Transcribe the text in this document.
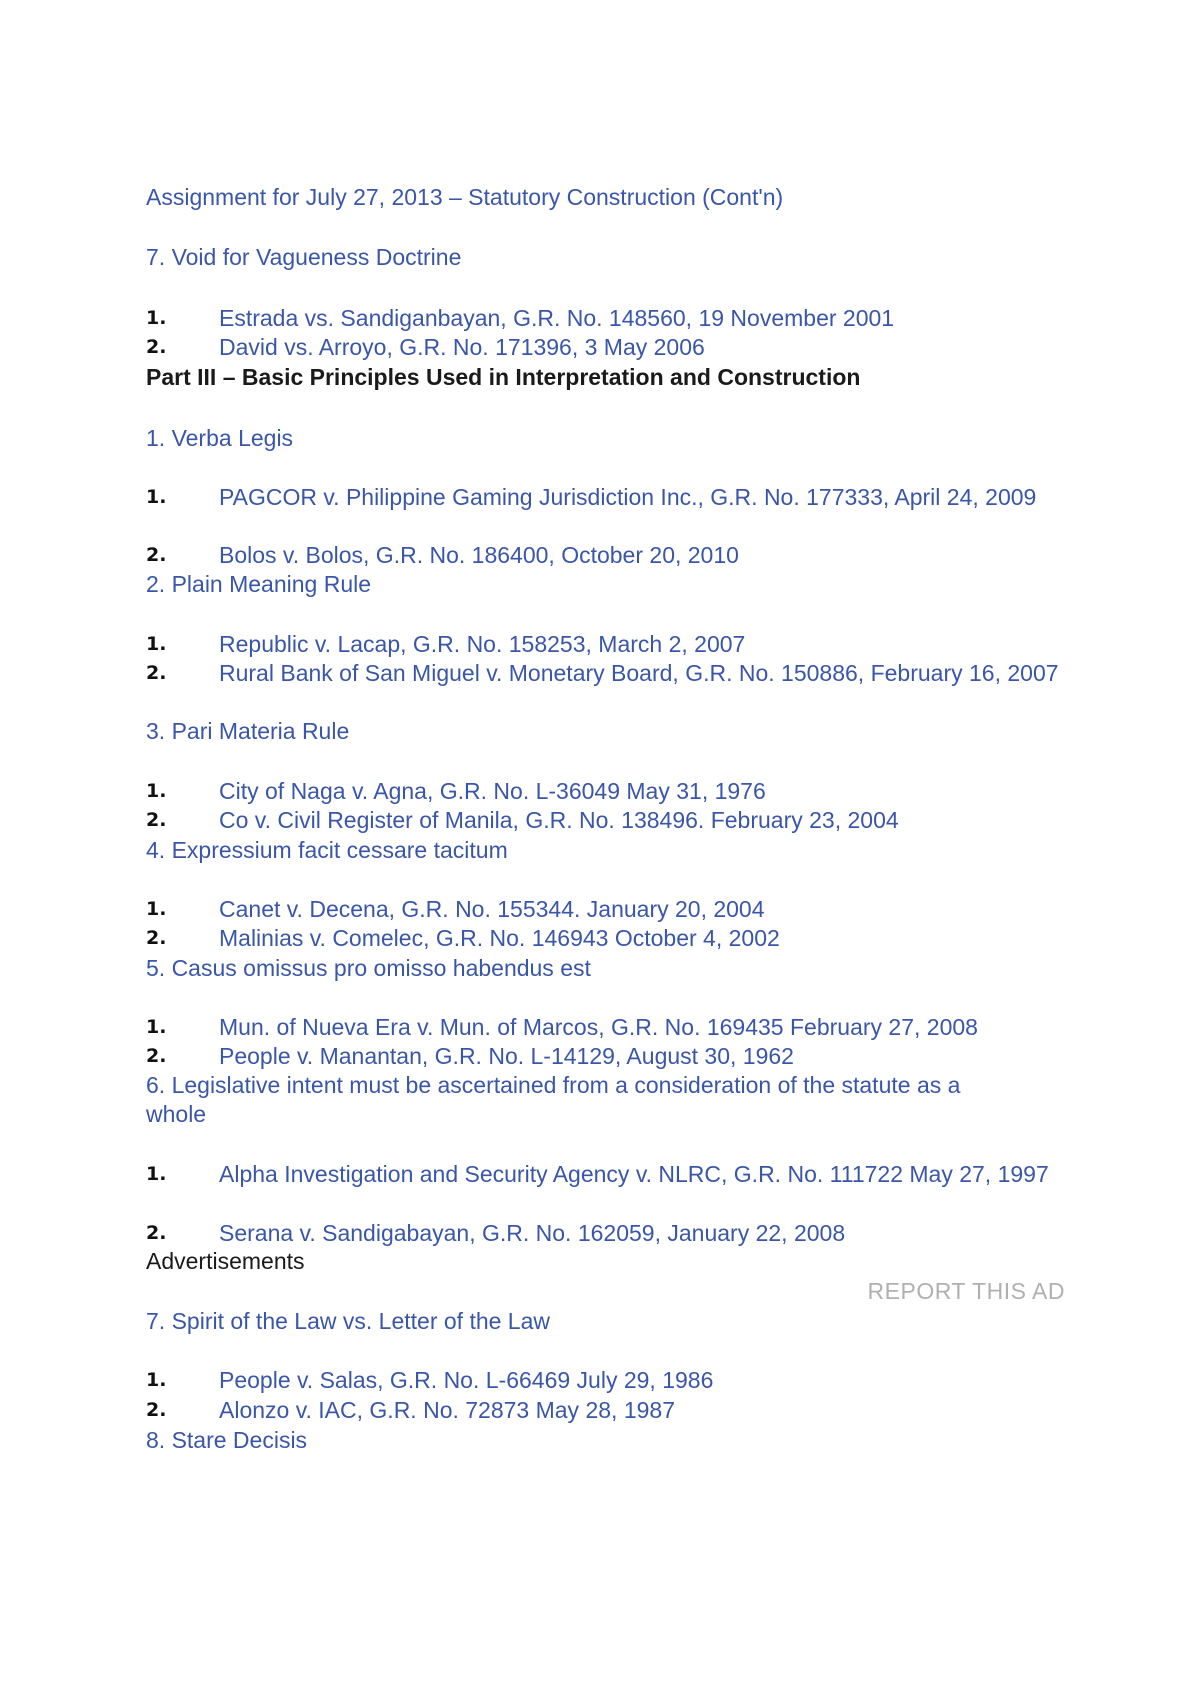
Assignment for July 27, 2013 – Statutory Construction (Cont'n)
7. Void for Vagueness Doctrine
1.	Estrada vs. Sandiganbayan, G.R. No. 148560, 19 November 2001
2.	David vs. Arroyo, G.R. No. 171396, 3 May 2006
Part III – Basic Principles Used in Interpretation and Construction
1. Verba Legis
1.	PAGCOR v. Philippine Gaming Jurisdiction Inc., G.R. No. 177333, April 24, 2009
2.	Bolos v. Bolos, G.R. No. 186400, October 20, 2010
2. Plain Meaning Rule
1.	Republic v. Lacap, G.R. No. 158253, March 2, 2007
2.	Rural Bank of San Miguel v. Monetary Board, G.R. No. 150886, February 16, 2007
3. Pari Materia Rule
1.	City of Naga v. Agna, G.R. No. L-36049 May 31, 1976
2.	Co v. Civil Register of Manila, G.R. No. 138496. February 23, 2004
4. Expressium facit cessare tacitum
1.	Canet v. Decena, G.R. No. 155344. January 20, 2004
2.	Malinias v. Comelec, G.R. No. 146943 October 4, 2002
5. Casus omissus pro omisso habendus est
1.	Mun. of Nueva Era v. Mun. of Marcos, G.R. No. 169435 February 27, 2008
2.	People v. Manantan, G.R. No. L-14129, August 30, 1962
6. Legislative intent must be ascertained from a consideration of the statute as a whole
1.	Alpha Investigation and Security Agency v. NLRC, G.R. No. 111722 May 27, 1997
2.	Serana v. Sandigabayan, G.R. No. 162059, January 22, 2008
Advertisements
REPORT THIS AD
7. Spirit of the Law vs. Letter of the Law
1.	People v. Salas, G.R. No. L-66469 July 29, 1986
2.	Alonzo v. IAC, G.R. No. 72873 May 28, 1987
8. Stare Decisis
